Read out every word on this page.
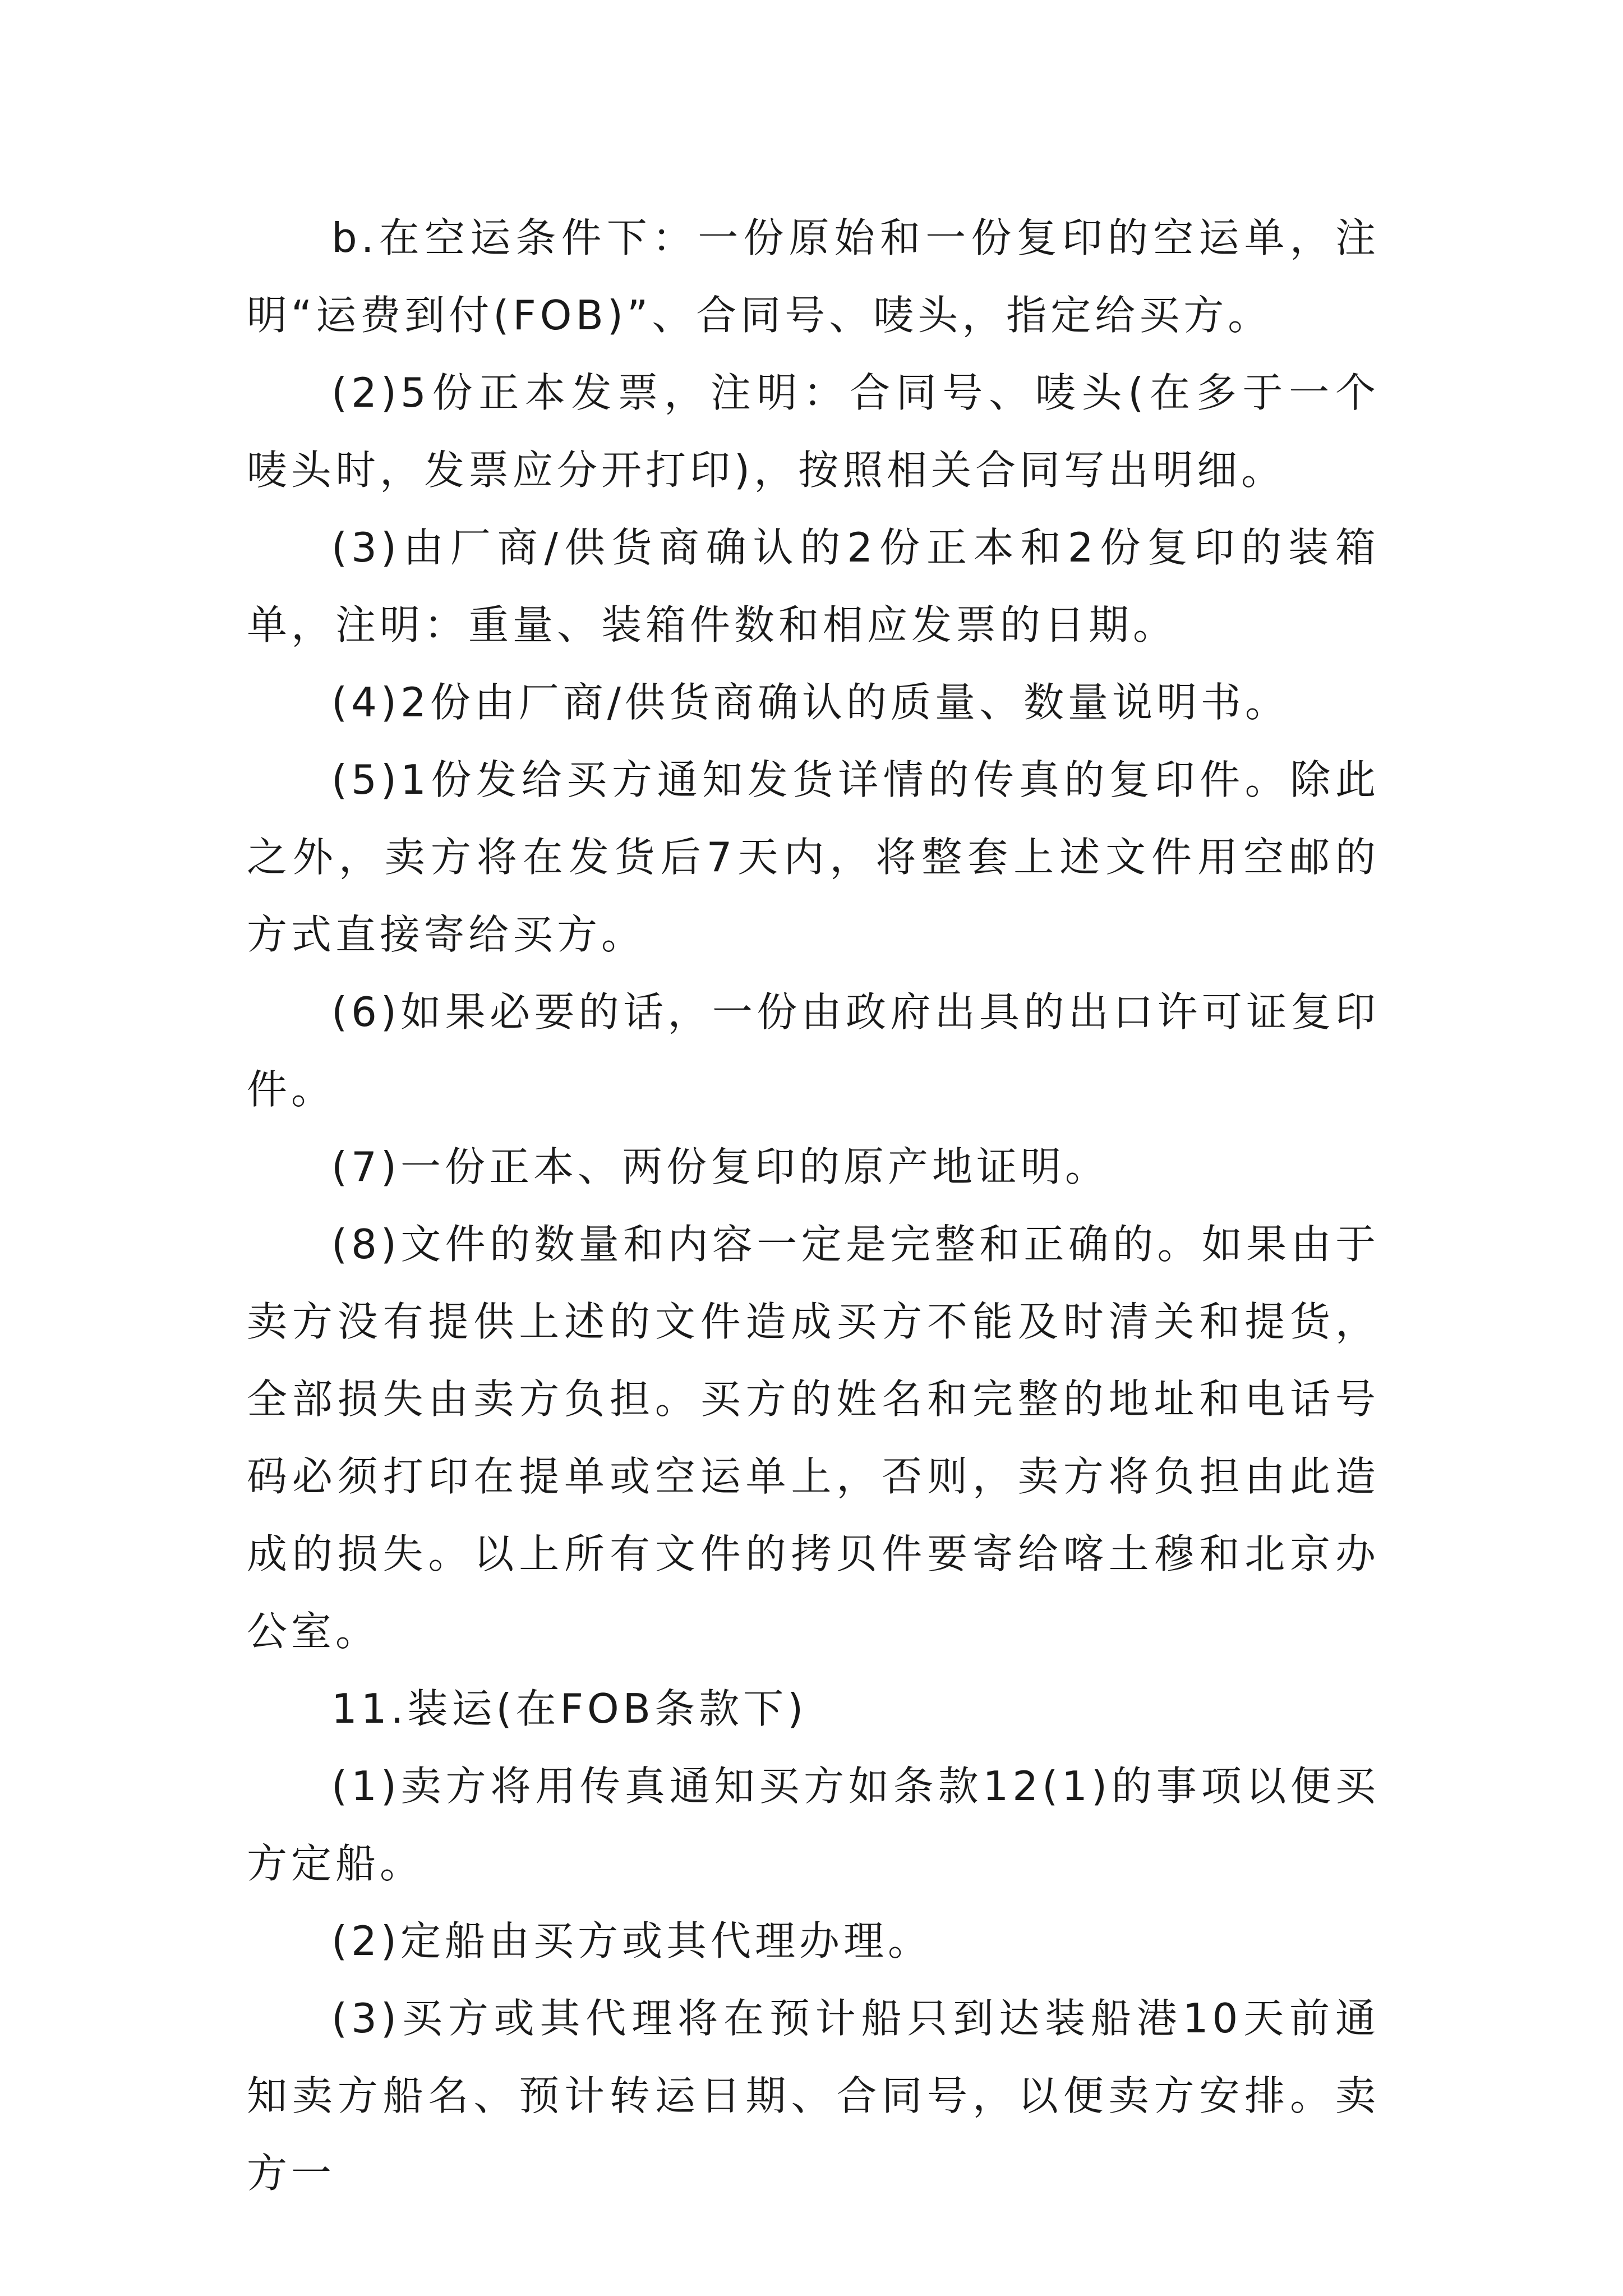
b.在空运条件下：一份原始和一份复印的空运单，注明“运费到付(FOB)”、合同号、唛头，指定给买方。

(2)5份正本发票，注明：合同号、唛头(在多于一个唛头时，发票应分开打印)，按照相关合同写出明细。

(3)由厂商/供货商确认的2份正本和2份复印的装箱单，注明：重量、装箱件数和相应发票的日期。

(4)2份由厂商/供货商确认的质量、数量说明书。

(5)1份发给买方通知发货详情的传真的复印件。除此之外，卖方将在发货后7天内，将整套上述文件用空邮的方式直接寄给买方。

(6)如果必要的话，一份由政府出具的出口许可证复印件。

(7)一份正本、两份复印的原产地证明。

(8)文件的数量和内容一定是完整和正确的。如果由于卖方没有提供上述的文件造成买方不能及时清关和提货，全部损失由卖方负担。买方的姓名和完整的地址和电话号码必须打印在提单或空运单上，否则，卖方将负担由此造成的损失。以上所有文件的拷贝件要寄给喀土穆和北京办公室。

11.装运(在FOB条款下)

(1)卖方将用传真通知买方如条款12(1)的事项以便买方定船。

(2)定船由买方或其代理办理。

(3)买方或其代理将在预计船只到达装船港10天前通知卖方船名、预计转运日期、合同号，以便卖方安排。卖方一
